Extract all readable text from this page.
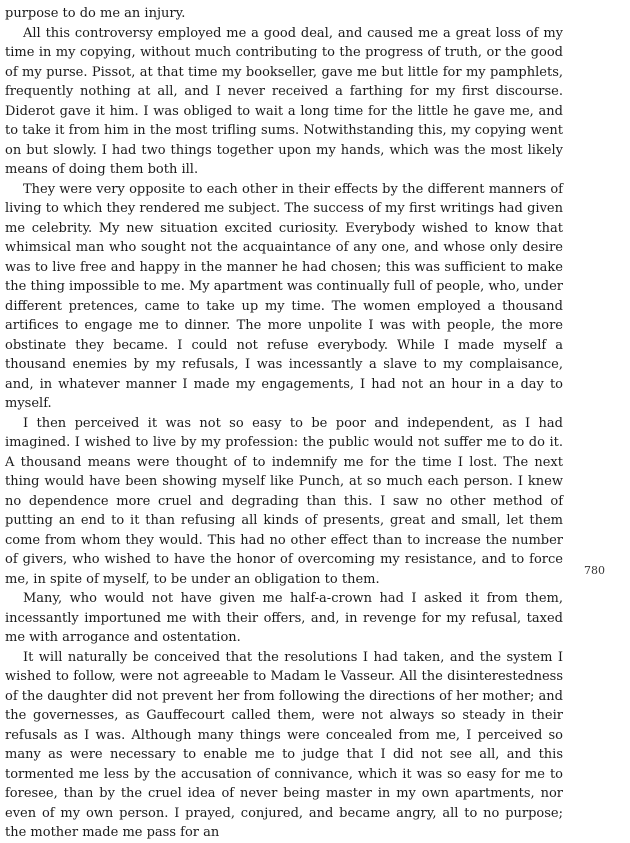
purpose to do me an injury.

All this controversy employed me a good deal, and caused me a great loss of my time in my copying, without much contributing to the progress of truth, or the good of my purse. Pissot, at that time my bookseller, gave me but little for my pamphlets, frequently nothing at all, and I never received a farthing for my first discourse. Diderot gave it him. I was obliged to wait a long time for the little he gave me, and to take it from him in the most trifling sums. Notwithstanding this, my copying went on but slowly. I had two things together upon my hands, which was the most likely means of doing them both ill.

They were very opposite to each other in their effects by the different manners of living to which they rendered me subject. The success of my first writings had given me celebrity. My new situation excited curiosity. Everybody wished to know that whimsical man who sought not the acquaintance of any one, and whose only desire was to live free and happy in the manner he had chosen; this was sufficient to make the thing impossible to me. My apartment was continually full of people, who, under different pretences, came to take up my time. The women employed a thousand artifices to engage me to dinner. The more unpolite I was with people, the more obstinate they became. I could not refuse everybody. While I made myself a thousand enemies by my refusals, I was incessantly a slave to my complaisance, and, in whatever manner I made my engagements, I had not an hour in a day to myself.

I then perceived it was not so easy to be poor and independent, as I had imagined. I wished to live by my profession: the public would not suffer me to do it. A thousand means were thought of to indemnify me for the time I lost. The next thing would have been showing myself like Punch, at so much each person. I knew no dependence more cruel and degrading than this. I saw no other method of putting an end to it than refusing all kinds of presents, great and small, let them come from whom they would. This had no other effect than to increase the number of givers, who wished to have the honor of overcoming my resistance, and to force me, in spite of myself, to be under an obligation to them.

Many, who would not have given me half-a-crown had I asked it from them, incessantly importuned me with their offers, and, in revenge for my refusal, taxed me with arrogance and ostentation.

It will naturally be conceived that the resolutions I had taken, and the system I wished to follow, were not agreeable to Madam le Vasseur. All the disinterestedness of the daughter did not prevent her from following the directions of her mother; and the governesses, as Gauffecourt called them, were not always so steady in their refusals as I was. Although many things were concealed from me, I perceived so many as were necessary to enable me to judge that I did not see all, and this tormented me less by the accusation of connivance, which it was so easy for me to foresee, than by the cruel idea of never being master in my own apartments, nor even of my own person. I prayed, conjured, and became angry, all to no purpose; the mother made me pass for an

780
